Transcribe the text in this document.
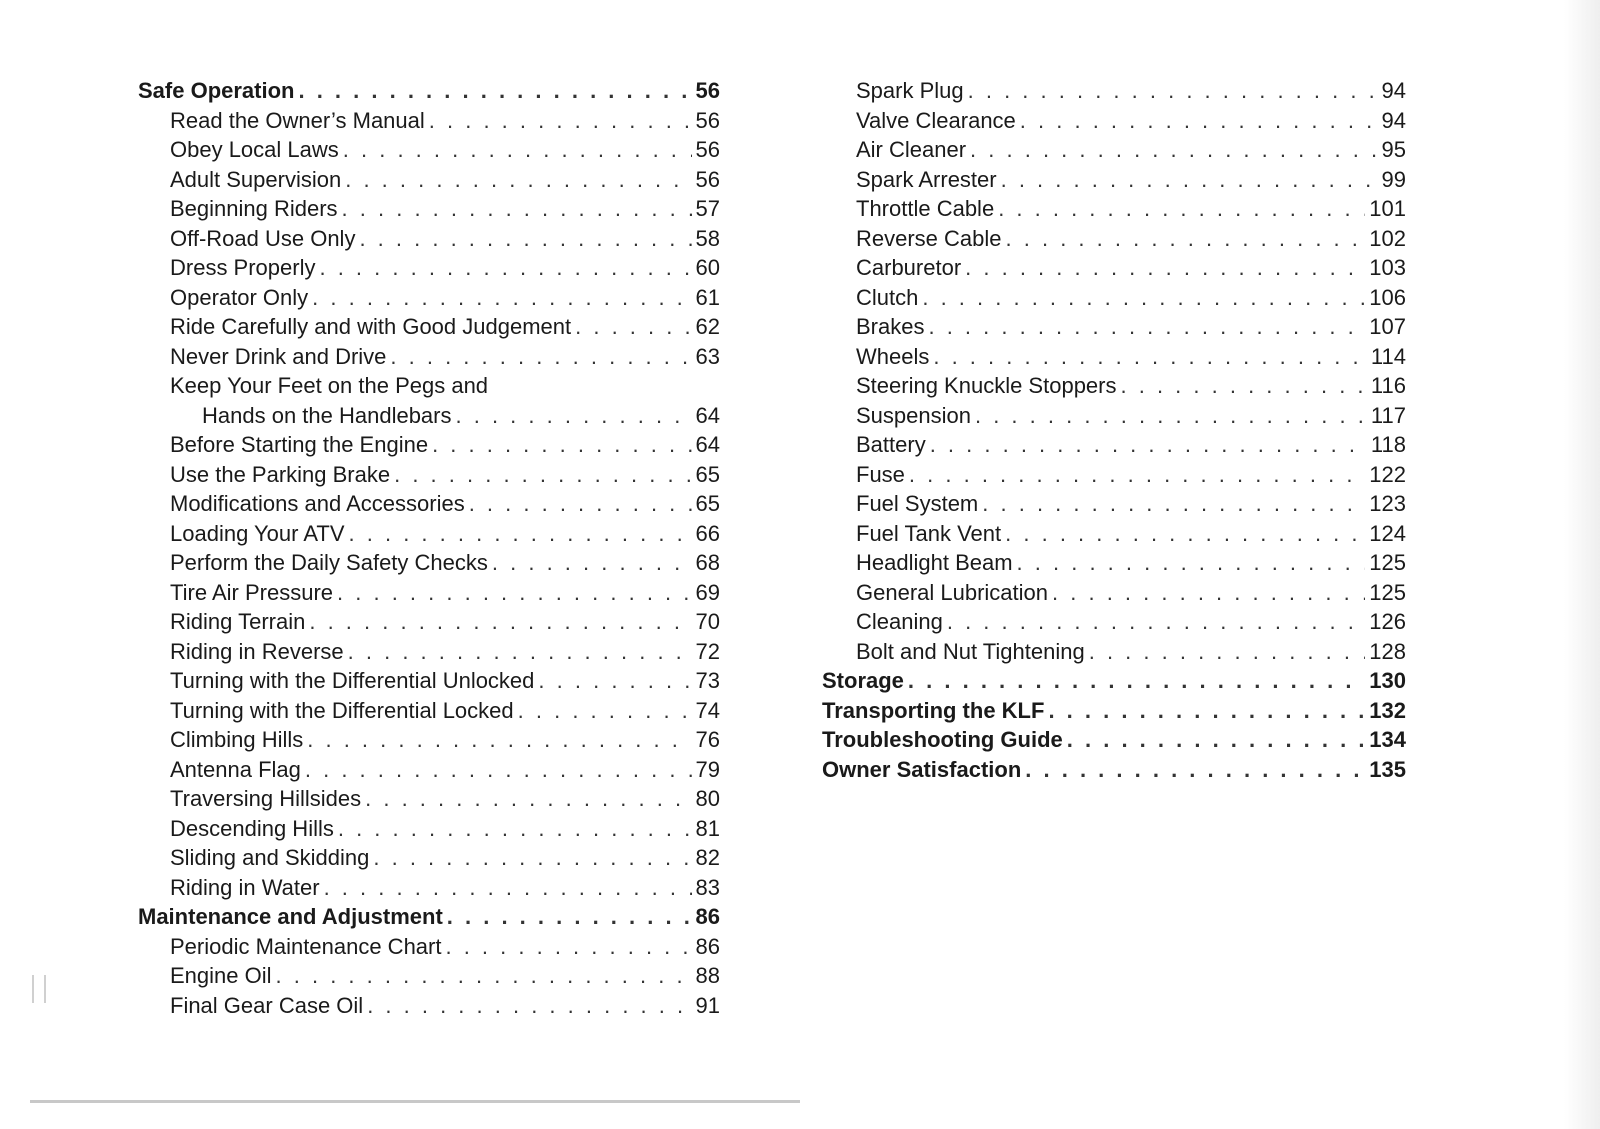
Safe Operation . . .	56
Read the Owner’s Manual . . .	56
Obey Local Laws . . .	56
Adult Supervision . . .	56
Beginning Riders . . .	57
Off-Road Use Only . . .	58
Dress Properly . . .	60
Operator Only . . .	61
Ride Carefully and with Good Judgement . . .	62
Never Drink and Drive . . .	63
Keep Your Feet on the Pegs and
Hands on the Handlebars . . .	64
Before Starting the Engine . . .	64
Use the Parking Brake . . .	65
Modifications and Accessories . . .	65
Loading Your ATV . . .	66
Perform the Daily Safety Checks . . .	68
Tire Air Pressure . . .	69
Riding Terrain . . .	70
Riding in Reverse . . .	72
Turning with the Differential Unlocked . . .	73
Turning with the Differential Locked . . .	74
Climbing Hills . . .	76
Antenna Flag . . .	79
Traversing Hillsides . . .	80
Descending Hills . . .	81
Sliding and Skidding . . .	82
Riding in Water . . .	83
Maintenance and Adjustment . . .	86
Periodic Maintenance Chart . . .	86
Engine Oil . . .	88
Final Gear Case Oil . . .	91
Spark Plug . . .	94
Valve Clearance . . .	94
Air Cleaner . . .	95
Spark Arrester . . .	99
Throttle Cable . . .	101
Reverse Cable . . .	102
Carburetor . . .	103
Clutch . . .	106
Brakes . . .	107
Wheels . . .	114
Steering Knuckle Stoppers . . .	116
Suspension . . .	117
Battery . . .	118
Fuse . . .	122
Fuel System . . .	123
Fuel Tank Vent . . .	124
Headlight Beam . . .	125
General Lubrication . . .	125
Cleaning . . .	126
Bolt and Nut Tightening . . .	128
Storage . . .	130
Transporting the KLF . . .	132
Troubleshooting Guide . . .	134
Owner Satisfaction . . .	135
